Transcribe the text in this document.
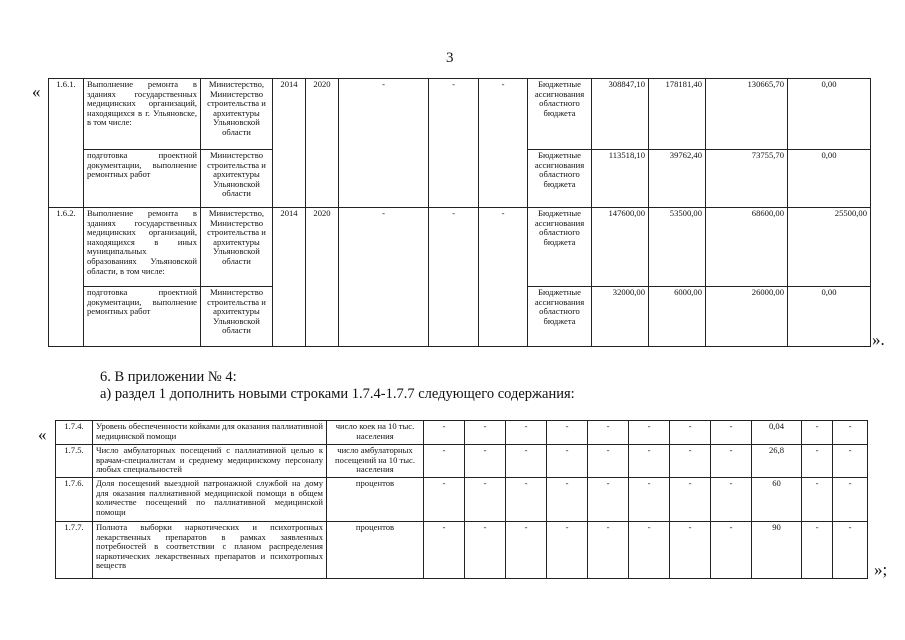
3
« 1.6.1.	Выполнение ремонта в зданиях государственных медицинских организаций, находящихся в г. Ульяновске, в том числе:	Министерство, Министерство строительства и архитектуры Ульяновской области	2014	2020	-	-	-	Бюджетные ассигнования областного бюджета	308847,10	178181,40	130665,70	0,00
	подготовка проектной документации, выполнение ремонтных работ	Министерство строительства и архитектуры Ульяновской области						Бюджетные ассигнования областного бюджета	113518,10	39762,40	73755,70	0,00
1.6.2.	Выполнение ремонта в зданиях государственных медицинских организаций, находящихся в иных муниципальных образованиях Ульяновской области, в том числе:	Министерство, Министерство строительства и архитектуры Ульяновской области	2014	2020	-	-	-	Бюджетные ассигнования областного бюджета	147600,00	53500,00	68600,00	25500,00
	подготовка проектной документации, выполнение ремонтных работ	Министерство строительства и архитектуры Ульяновской области						Бюджетные ассигнования областного бюджета	32000,00	6000,00	26000,00	0,00
».
6. В приложении № 4:
а) раздел 1 дополнить новыми строками 1.7.4-1.7.7 следующего содержания:
« 1.7.4.	Уровень обеспеченности койками для оказания паллиативной медицинской помощи	число коек на 10 тыс. населения	-	-	-	-	-	-	-	-	0,04	-	-
1.7.5.	Число амбулаторных посещений с паллиативной целью к врачам-специалистам и среднему медицинскому персоналу любых специальностей	число амбулаторных посещений на 10 тыс. населения	-	-	-	-	-	-	-	-	26,8	-	-
1.7.6.	Доля посещений выездной патронажной службой на дому для оказания паллиативной медицинской помощи в общем количестве посещений по паллиативной медицинской помощи	процентов	-	-	-	-	-	-	-	-	60	-	-
1.7.7.	Полнота выборки наркотических и психотропных лекарственных препаратов в рамках заявленных потребностей в соответствии с планом распределения наркотических лекарственных препаратов и психотропных веществ	процентов	-	-	-	-	-	-	-	-	90	-	-
»;
